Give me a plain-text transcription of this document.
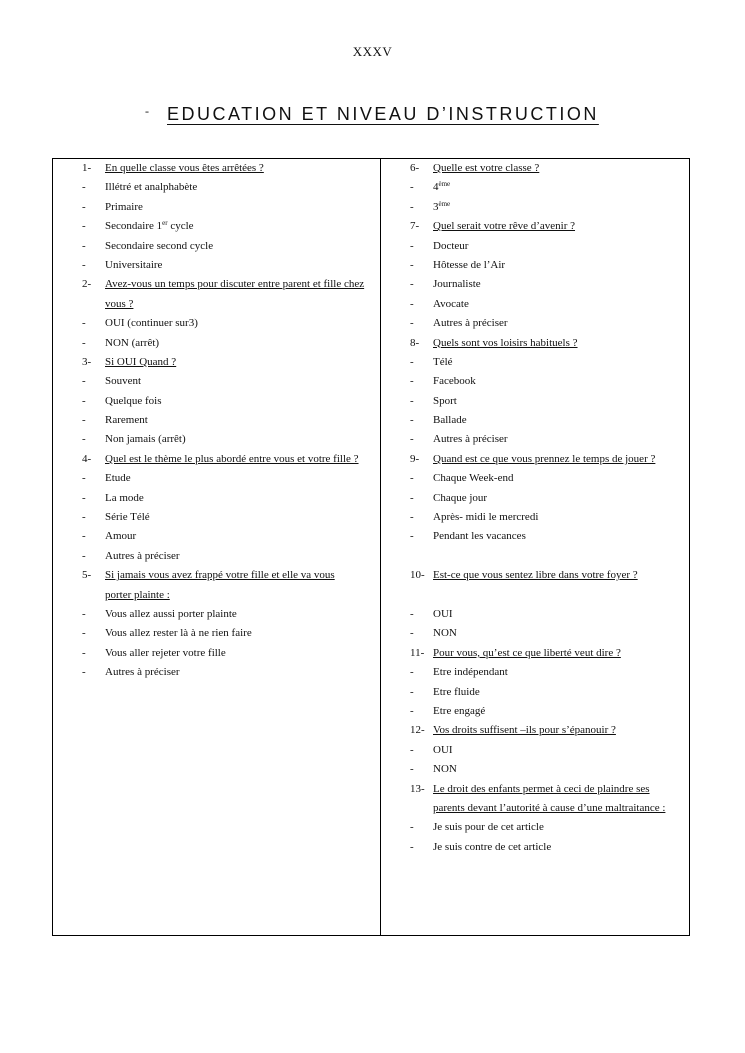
XXXV
- EDUCATION ET NIVEAU D’INSTRUCTION
1- En quelle classe vous êtes arrêtées ?
- Illétré et analphabète
- Primaire
- Secondaire 1er cycle
- Secondaire second cycle
- Universitaire
2- Avez-vous un temps pour discuter entre parent et fille chez
vous ?
- OUI (continuer sur3)
- NON (arrêt)
3- Si OUI Quand ?
- Souvent
- Quelque fois
- Rarement
- Non jamais (arrêt)
4- Quel est le thème le plus abordé entre vous et votre fille ?
- Etude
- La mode
- Série Télé
- Amour
- Autres à préciser
5- Si jamais vous avez frappé votre fille et elle va vous
porter plainte :
- Vous allez aussi porter plainte
- Vous allez rester là à ne rien faire
- Vous aller rejeter votre fille
- Autres à préciser
6- Quelle est votre classe ?
- 4ème
- 3ème
7- Quel serait votre rêve d’avenir ?
- Docteur
- Hôtesse de l’Air
- Journaliste
- Avocate
- Autres à préciser
8- Quels sont vos loisirs habituels ?
- Télé
- Facebook
- Sport
- Ballade
- Autres à préciser
9- Quand est ce que vous prennez le temps de jouer ?
- Chaque Week-end
- Chaque jour
- Après- midi le mercredi
- Pendant les vacances
10- Est-ce que vous sentez libre dans votre foyer ?
- OUI
- NON
11- Pour vous, qu’est ce que liberté veut dire ?
- Etre indépendant
- Etre fluide
- Etre engagé
12- Vos droits suffisent –ils pour s’épanouir ?
- OUI
- NON
13- Le droit des enfants permet à ceci de plaindre ses
parents devant l’autorité à cause d’une maltraitance :
- Je suis pour de cet article
- Je suis contre de cet article
